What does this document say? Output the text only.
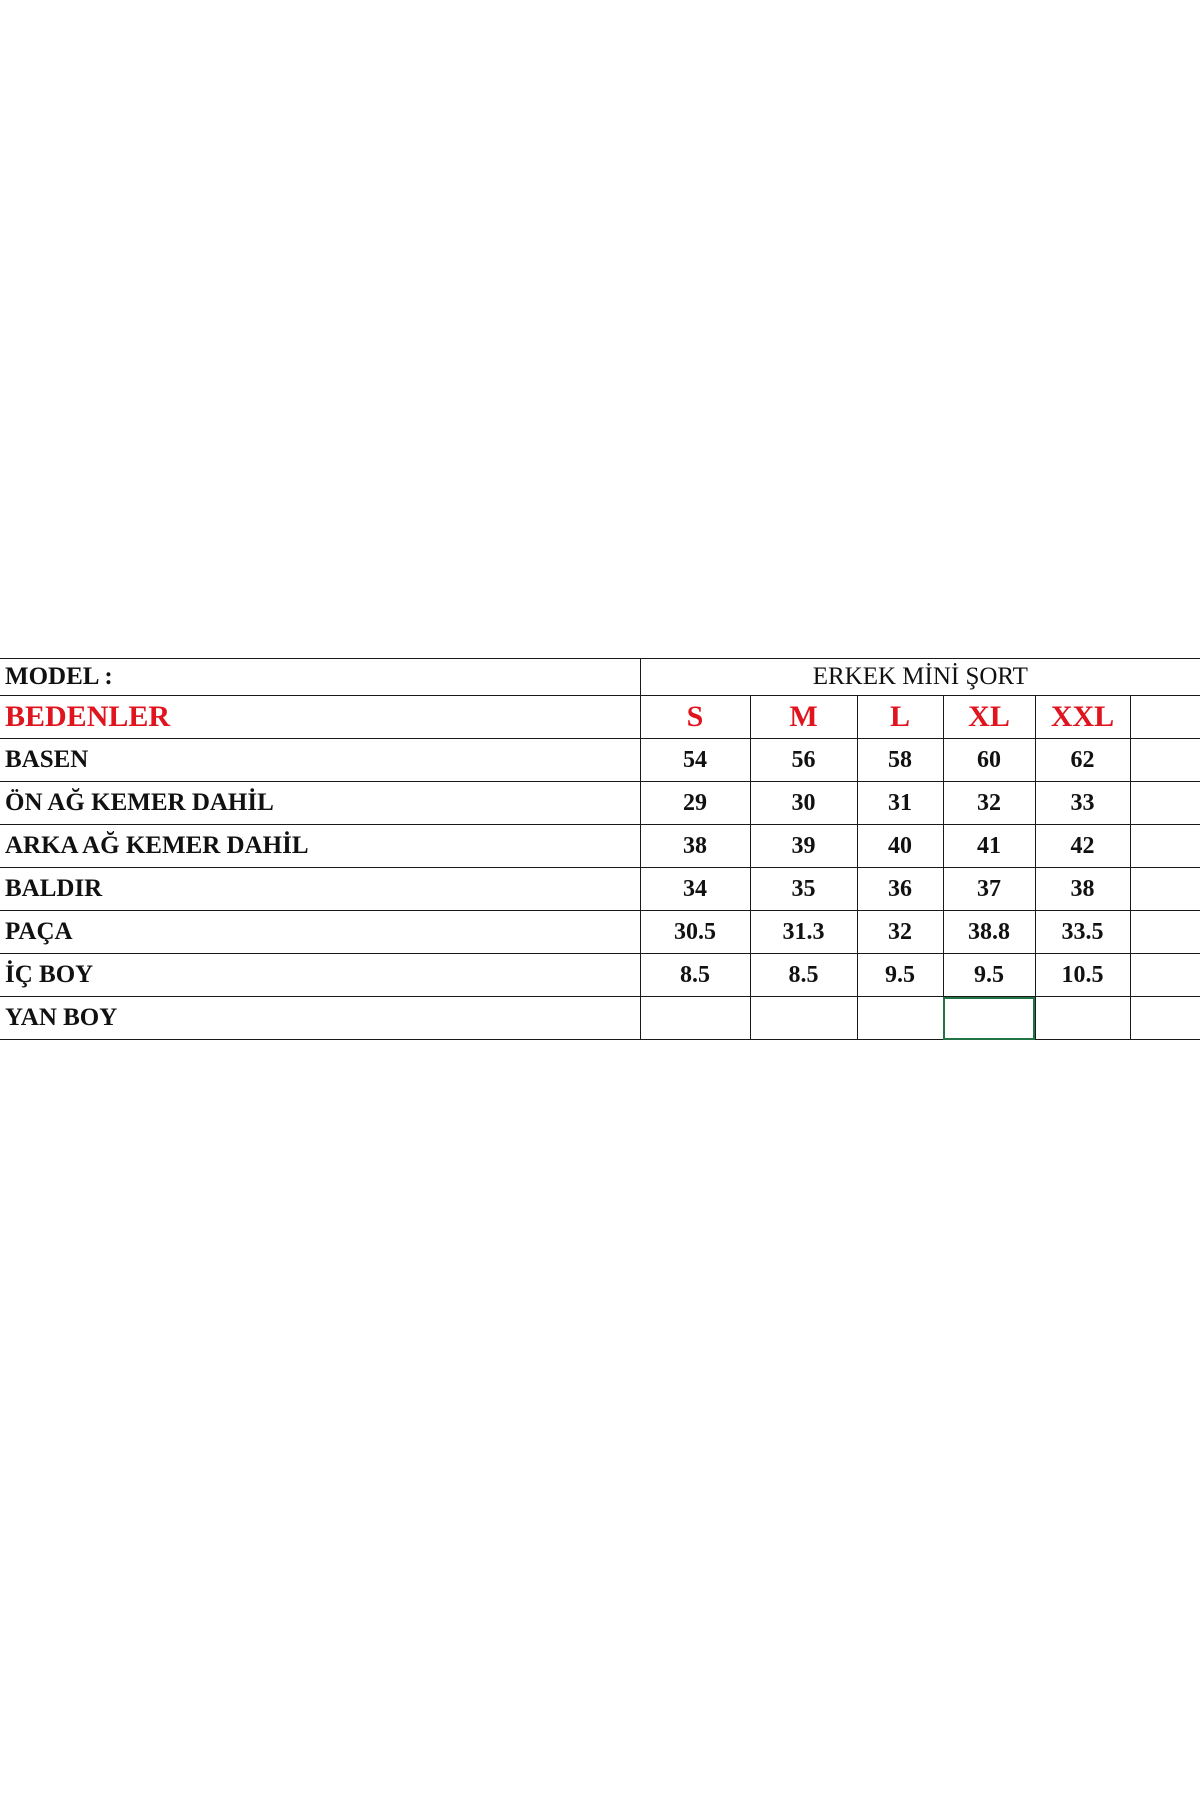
MODEL :	ERKEK MİNİ ŞORT					
BEDENLER	S	M	L	XL	XXL	
BASEN	54	56	58	60	62	
ÖN AĞ KEMER DAHİL	29	30	31	32	33	
ARKA AĞ KEMER DAHİL	38	39	40	41	42	
BALDIR	34	35	36	37	38	
PAÇA	30.5	31.3	32	38.8	33.5	
İÇ BOY	8.5	8.5	9.5	9.5	10.5	
YAN BOY				
